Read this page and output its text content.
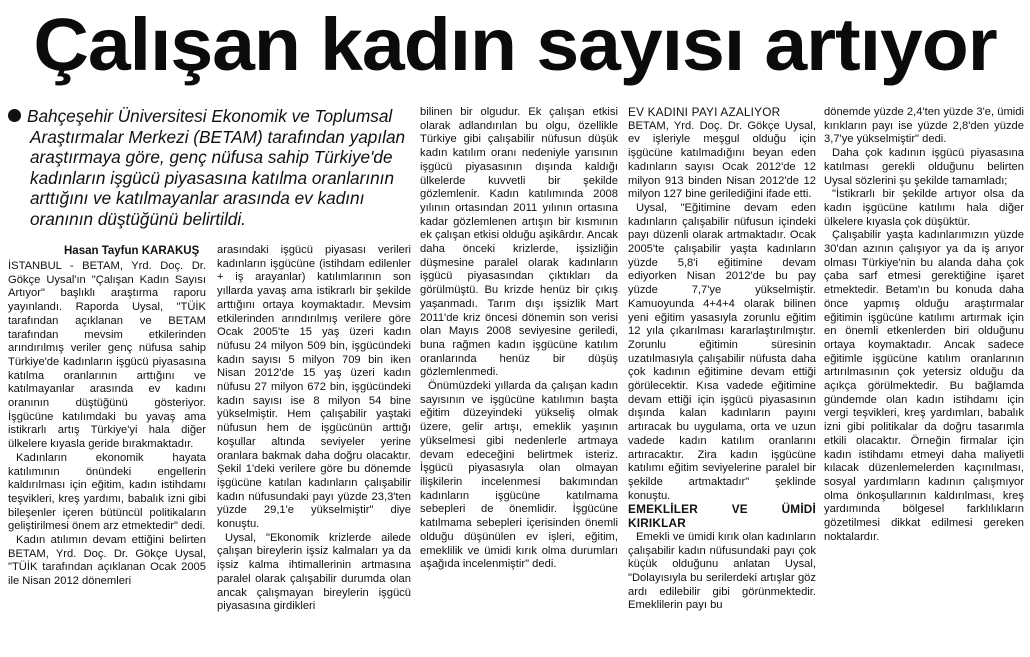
Çalışan kadın sayısı artıyor

Bahçeşehir Üniversitesi Ekonomik ve Toplumsal

Araştırmalar Merkezi (BETAM) tarafından yapılan araştırmaya göre, genç nüfusa sahip Türkiye'de kadınların işgücü piyasasına katılma oranlarının arttığını ve katılmayanlar arasında ev kadını oranının düştüğünü belirtildi.

Hasan Tayfun KARAKUŞ

İSTANBUL - BETAM, Yrd. Doç. Dr. Gökçe Uysal'ın "Çalışan Kadın Sayısı Artıyor" başlıklı araştırma raporu yayınlandı. Raporda Uysal, "TÜİK tarafından açıklanan ve BETAM tarafından mevsim etkilerinden arındırılmış veriler genç nüfusa sahip Türkiye'de kadınların işgücü piyasasına katılma oranlarının arttığını ve katılmayanlar arasında ev kadını oranının düştüğünü gösteriyor. İşgücüne katılımdaki bu yavaş ama istikrarlı artış Türkiye'yi hala diğer ülkelere kıyasla geride bırakmaktadır.

Kadınların ekonomik hayata katılımının önündeki engellerin kaldırılması için eğitim, kadın istihdamı teşvikleri, kreş yardımı, babalık izni gibi bileşenler içeren bütüncül politikaların geliştirilmesi önem arz etmektedir" dedi.

Kadın atılımın devam ettiğini belirten BETAM, Yrd. Doç. Dr. Gökçe Uysal, "TÜİK tarafından açıklanan Ocak 2005 ile Nisan 2012 dönemleri

arasındaki işgücü piyasası verileri kadınların işgücüne (istihdam edilenler + iş arayanlar) katılımlarının son yıllarda yavaş ama istikrarlı bir şekilde arttığını ortaya koymaktadır. Mevsim etkilerinden arındırılmış verilere göre Ocak 2005'te 15 yaş üzeri kadın nüfusu 24 milyon 509 bin, işgücündeki kadın sayısı 5 milyon 709 bin iken Nisan 2012'de 15 yaş üzeri kadın nüfusu 27 milyon 672 bin, işgücündeki kadın sayısı ise 8 milyon 54 bine yükselmiştir. Hem çalışabilir yaştaki nüfusun hem de işgücünün arttığı koşullar altında seviyeler yerine oranlara bakmak daha doğru olacaktır. Şekil 1'deki verilere göre bu dönemde işgücüne katılan kadınların çalışabilir kadın nüfusundaki payı yüzde 23,3'ten yüzde 29,1'e yükselmiştir" diye konuştu.

Uysal, "Ekonomik krizlerde ailede çalışan bireylerin işsiz kalmaları ya da işsiz kalma ihtimallerinin artmasına paralel olarak çalışabilir durumda olan ancak çalışmayan bireylerin işgücü piyasasına girdikleri

bilinen bir olgudur. Ek çalışan etkisi olarak adlandırılan bu olgu, özellikle Türkiye gibi çalışabilir nüfusun düşük kadın katılım oranı nedeniyle yarısının işgücü piyasasının dışında kaldığı ülkelerde kuvvetli bir şekilde gözlemlenir. Kadın katılımında 2008 yılının ortasından 2011 yılının ortasına kadar gözlemlenen artışın bir kısmının ek çalışan etkisi olduğu aşikârdır. Ancak daha önceki krizlerde, işsizliğin düşmesine paralel olarak kadınların işgücü piyasasından çıktıkları da görülmüştü. Bu krizde henüz bir çıkış yaşanmadı. Tarım dışı işsizlik Mart 2011'de kriz öncesi dönemin son verisi olan Mayıs 2008 seviyesine geriledi, buna rağmen kadın işgücüne katılım oranlarında henüz bir düşüş gözlemlenmedi.

Önümüzdeki yıllarda da çalışan kadın sayısının ve işgücüne katılımın başta eğitim düzeyindeki yükseliş olmak üzere, gelir artışı, emeklik yaşının yükselmesi gibi nedenlerle artmaya devam edeceğini belirtmek isteriz. İşgücü piyasasıyla olan olmayan ilişkilerin incelenmesi bakımından kadınların işgücüne katılmama sebepleri de önemlidir. İşgücüne katılmama sebepleri içerisinden önemli olduğu düşünülen ev işleri, eğitim, emeklilik ve ümidi kırık olma durumları aşağıda incelenmiştir" dedi.

EV KADINI PAYI AZALIYOR

BETAM, Yrd. Doç. Dr. Gökçe Uysal, ev işleriyle meşgul olduğu için işgücüne katılmadığını beyan eden kadınların sayısı Ocak 2012'de 12 milyon 913 binden Nisan 2012'de 12 milyon 127 bine gerilediğini ifade etti.

Uysal, "Eğitimine devam eden kadınların çalışabilir nüfusun içindeki payı düzenli olarak artmaktadır. Ocak 2005'te çalışabilir yaşta kadınların yüzde 5,8'i eğitimine devam ediyorken Nisan 2012'de bu pay yüzde 7,7'ye yükselmiştir. Kamuoyunda 4+4+4 olarak bilinen yeni eğitim yasasıyla zorunlu eğitim 12 yıla çıkarılması kararlaştırılmıştır. Zorunlu eğitimin süresinin uzatılmasıyla çalışabilir nüfusta daha çok kadının eğitimine devam ettiği görülecektir. Kısa vadede eğitimine devam ettiği için işgücü piyasasının dışında kalan kadınların payını artıracak bu uygulama, orta ve uzun vadede kadın katılım oranlarını artıracaktır. Zira kadın işgücüne katılımı eğitim seviyelerine paralel bir şekilde artmaktadır" şeklinde konuştu.

EMEKLİLER VE ÜMİDİ KIRIKLAR

Emekli ve ümidi kırık olan kadınların çalışabilir kadın nüfusundaki payı çok küçük olduğunu anlatan Uysal, "Dolayısıyla bu serilerdeki artışlar göz ardı edilebilir gibi görünmektedir. Emeklilerin payı bu

dönemde yüzde 2,4'ten yüzde 3'e, ümidi kırıkların payı ise yüzde 2,8'den yüzde 3,7'ye yükselmiştir" dedi.

Daha çok kadının işgücü piyasasına katılması gerekli olduğunu belirten Uysal sözlerini şu şekilde tamamladı;

"İstikrarlı bir şekilde artıyor olsa da kadın işgücüne katılımı hala diğer ülkelere kıyasla çok düşüktür.

Çalışabilir yaşta kadınlarımızın yüzde 30'dan azının çalışıyor ya da iş arıyor olması Türkiye'nin bu alanda daha çok çaba sarf etmesi gerektiğine işaret etmektedir. Betam'ın bu konuda daha önce yapmış olduğu araştırmalar eğitimin işgücüne katılımı artırmak için en önemli etkenlerden biri olduğunu ortaya koymaktadır. Ancak sadece eğitimle işgücüne katılım oranlarının artırılmasının çok yetersiz olduğu da açıkça görülmektedir. Bu bağlamda gündemde olan kadın istihdamı için vergi teşvikleri, kreş yardımları, babalık izni gibi politikalar da doğru tasarımla etkili olacaktır. Örneğin firmalar için kadın istihdamı etmeyi daha maliyetli kılacak düzenlemelerden kaçınılması, sosyal yardımların kadının çalışmıyor olma önkoşullarının kaldırılması, kreş yardımında bölgesel farklılıkların gözetilmesi dikkat edilmesi gereken noktalardır.
